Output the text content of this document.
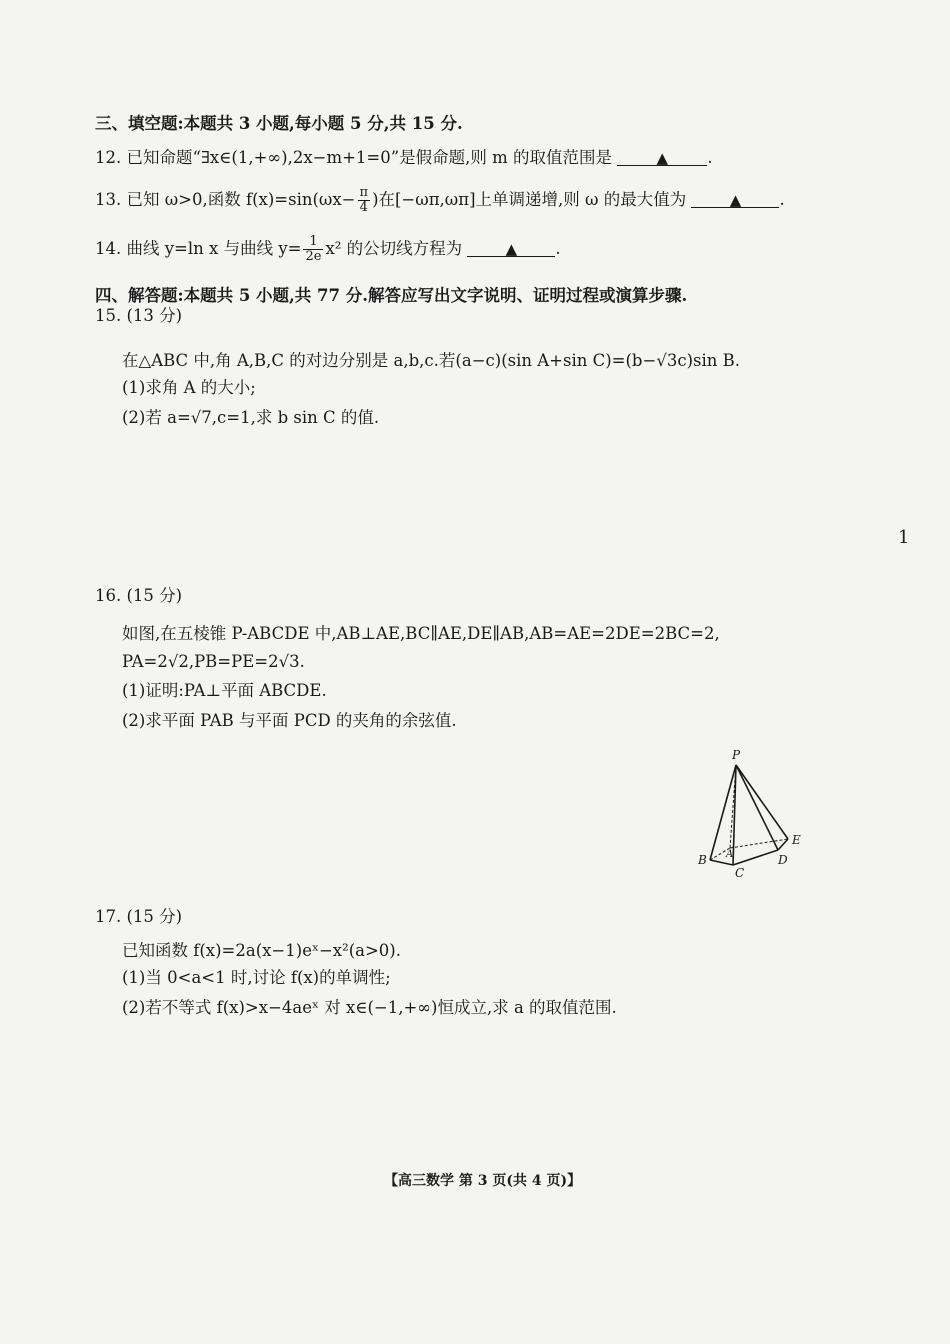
三、填空题:本题共 3 小题,每小题 5 分,共 15 分.
12. 已知命题“∃x∈(1,+∞),2x−m+1=0”是假命题,则 m 的取值范围是	▲ .
13. 已知 ω>0,函数 $f(x)=\sin(\omega x- \frac{\pi}{4}$ )在[−ωπ,ωπ]上单调递增,则 ω 的最大值为	▲ .
14. 曲线 y=ln x 与曲线 $y= \frac{1}{2e} x^2$ 的公切线方程为	▲ .
四、解答题:本题共 5 小题,共 77 分.解答应写出文字说明、证明过程或演算步骤.
15. (13 分)
在△ABC 中,角 A,B,C 的对边分别是 a,b,c.若(a−c)(sin A+sin C)=(b−√3c)sin B.
(1)求角 A 的大小;
(2)若 a=√7,c=1,求 b sin C 的值.
1
16. (15 分)
如图,在五棱锥 P-ABCDE 中,AB⊥AE,BC∥AE,DE∥AB,AB=AE=2DE=2BC=2,
PA=2√2,PB=PE=2√3.
(1)证明:PA⊥平面 ABCDE.
(2)求平面 PAB 与平面 PCD 的夹角的余弦值.
P
A
B
C
D
E
17. (15 分)
已知函数 f(x)=2a(x−1)eˣ−x²(a>0).
(1)当 0<a<1 时,讨论 f(x)的单调性;
(2)若不等式 f(x)>x−4aeˣ 对 x∈(−1,+∞)恒成立,求 a 的取值范围.
【高三数学 第 3 页(共 4 页)】
